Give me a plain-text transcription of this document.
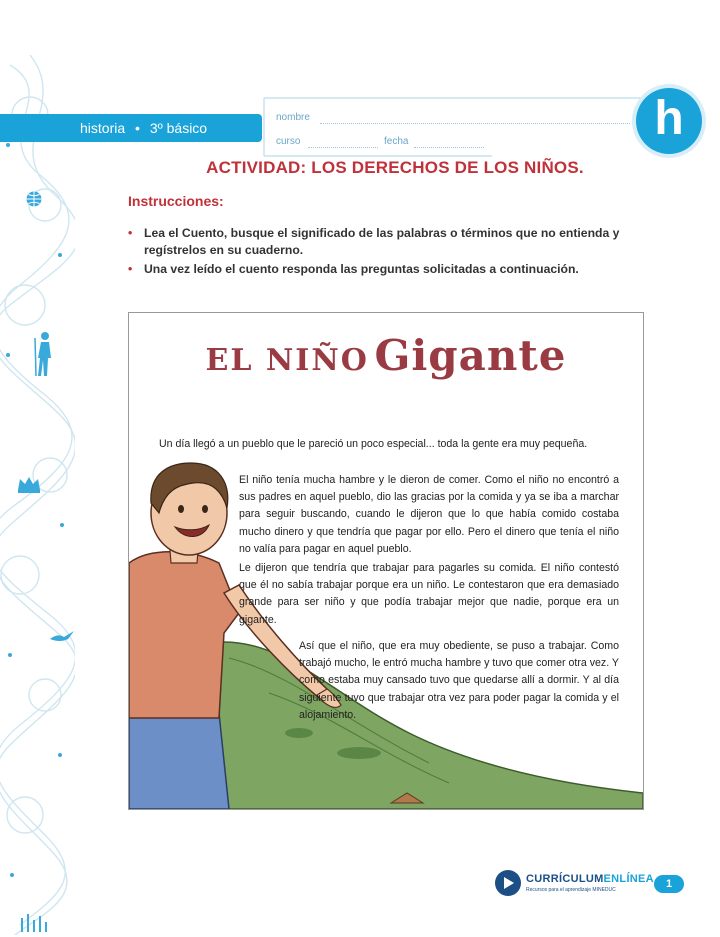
historia • 3º básico
nombre
curso	fecha	h
ACTIVIDAD: LOS DERECHOS DE LOS NIÑOS.
Instrucciones:
• Lea el Cuento, busque el significado de las palabras o términos que no entienda y regístrelos en su cuaderno.
• Una vez leído el cuento responda las preguntas solicitadas a continuación.
EL NIÑO Gigante
Un día llegó a un pueblo que le pareció un poco especial... toda la gente era muy pequeña.
El niño tenía mucha hambre y le dieron de comer. Como el niño no encontró a sus padres en aquel pueblo, dio las gracias por la comida y ya se iba a marchar para seguir buscando, cuando le dijeron que lo que había comido costaba mucho dinero y que tendría que pagar por ello. Pero el dinero que tenía el niño no valía para pagar en aquel pueblo.
Le dijeron que tendría que trabajar para pagarles su comida. El niño contestó que él no sabía trabajar porque era un niño. Le contestaron que era demasiado grande para ser niño y que podía trabajar mejor que nadie, porque era un gigante.
Así que el niño, que era muy obediente, se puso a trabajar. Como trabajó mucho, le entró mucha hambre y tuvo que comer otra vez. Y como estaba muy cansado tuvo que quedarse allí a dormir. Y al día siguiente tuvo que trabajar otra vez para poder pagar la comida y el alojamiento.
CURRÍCULUMENLÍNEA
Recursos para el aprendizaje MINEDUC	1
